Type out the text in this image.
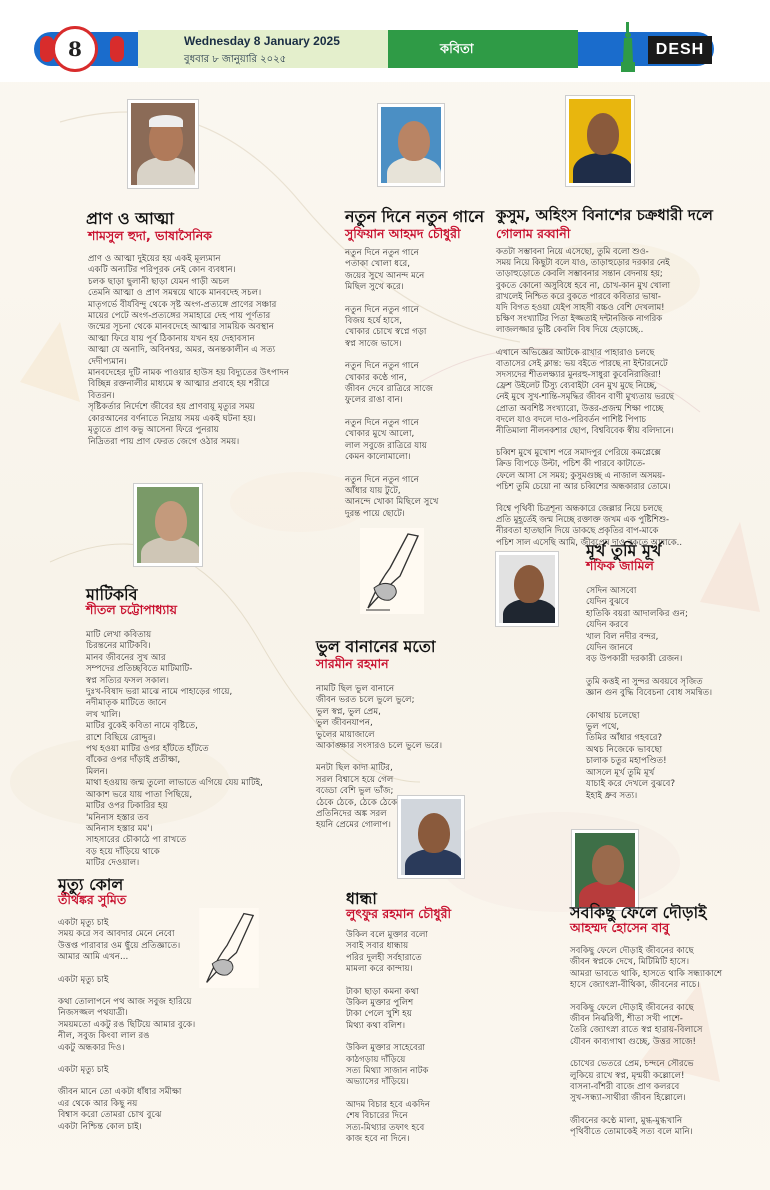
8	Wednesday 8 January 2025
বুধবার ৮ জানুয়ারি ২০২৫
কবিতা	DESH
প্রাণ ও আত্মা
শামসুল হুদা, ভাষাসৈনিক

প্রাণ ও আত্মা দুইয়ের হয় একই মূল্যমান

একটি অন্যটির পরিপূরক নেই কোন ব্যবধান।

চলক ছাড়া ছুলানী ছাড়া যেমন গাড়ী অচল

তেমনি আত্মা ও প্রাণ সমন্বয়ে থাকে মানবদেহ সচল।

মাতৃগর্ভে বীর্যবিন্দু থেকে সৃষ্ট অংগ-প্রত্যঙ্গে প্রাণের সঞ্চার

মায়ের পেটে অংগ-প্রত্যঙ্গের সমাহারে দেহ পায় পূর্ণতার

জন্মের সূচনা থেকে মানবদেহে আত্মার সাময়িক অবস্থান

আত্মা ফিরে যায় পূর্ব ঠিকানায় যখন হয় দেহাবসান

আত্মা যে অনাদি, অবিনশ্বর, অমর, অনন্তকালীন এ সত্য

দেদীপ্যমান।

মানবদেহের দুটি নামক পাওয়ার হাউস হয় বিদ্যুতের উৎপাদন

বিচ্ছিন্ন রক্তনালীর মাধ্যমে স্ব আত্মার প্রবাহে হয় শরীরে

বিতরন।

সৃষ্টিকর্তার নির্দেশে জীবের হয় প্রাণবায়ূ মৃত্যুর সময়

কোরআনের বর্ণনাতে নিদ্রায় সময় একই ঘটনা হয়।

মৃত্যুতে প্রাণ কভু আসেনা ফিরে পুনরায়

নিদ্রিতরা পায় প্রাণ ফেরত জেগে ওঠার সময়।

নতুন দিনে নতুন গানে
সুফিয়ান আহমদ চৌধুরী

নতুন দিনে নতুন গানে

পতাকা খোলা ধরে,

জয়ের সুখে আনন্দ মনে

মিছিল সুখে করে।

নতুন দিনে নতুন গানে

বিজয় হর্ষে হাসে,

খোকার চোখে স্বপ্নে গড়া

স্বপ্ন সাজে ভাসে।

নতুন দিনে নতুন গানে

খোকার কণ্ঠে গান,

জীবন দেবে রাত্রিরে সাজে

ফুলের রাঙা বান।

নতুন দিনে নতুন গানে

খোকার মুখে আলো,

লাল সবুজে রাত্রিরে যায়

কেমন কালোমালো।

নতুন দিনে নতুন গানে

আঁধার যায় টুটে,

আনন্দে খোকা মিছিলে সুখে

দুরন্ত পায়ে ছোটে।

কুসুম, অহিংস বিনাশের চক্রধারী দলে
গোলাম রব্বানী

কতটা সম্ভাবনা নিয়ে এসেছো, তুমি বলো শুও-

সময় নিয়ে কিছুটা বলে যাও, তাড়াহুড়োর দরকার নেই

তাড়াহুড়োতে কেবলি সম্ভাবনার সন্তান বেদনায় হয়;

বুকতে কোনো অসুবিধে হবে না, চোখ-কান মুখ খোলা

রাখলেই নিশ্চিত করে বুকতে পারবে কবিতার ভাষা-

যদি বিগত হওয়া যেইপ সাহসী বচ্চও বেশি দেখলাম!

চক্ষিণ সংখ্যাটির পিতা ইজ্জতাই দন্টানজিক নাগরিক

লাজলজ্জার ভুষ্টি কেবলি বিষ দিয়ে হেড়াচ্ছে..

এখানে অভিজ্ঞের আটকে রাখার পাহারাও চলছে

বাতাসের সেই ক্লান্ত: ভয় বইতে পারছে না ইন্টারনেটে

সদস্যদের শীতলক্ষ্যার মুনরহু-সাধুরা কুবেনিরাজিরা!

ফ্রেশ উইলেট টিস্যু ব্যেবাইটা বেন মুখ মুছে নিচ্ছে,

নেই মুখে সুখ-শান্তি-সমৃদ্ধির জীবন বাণী মুখ্যতায় ভরছে

প্রোতা অবশিষ্ট সংখ্যারো, উত্তর-প্রজন্ম শিক্ষা পাচ্ছে

বদলে যাও বদলে দাও-পরিবর্তন পাশিষ্ট পিপাচ

নীতিমালা নীলনকশার ছোপ, বিশ্ববিবেক স্বীয় বলিদানে।

চব্বিশ মুখে মুখোশ পরে সমাদপুর পেরিয়ে কমপ্লেক্সে

ক্রিড ব্যিপড়ে উল্টা, পচিশ কী পারবে কাটাতে-

ফেলে আসা সে সময়; কুসুমগুচ্ছ এ নাজাল অসময়-

পচিশ তুমি চেয়ো না আর চব্বিশের অন্ধকারার তোমে।

বিশ্বে পৃথিবী চিত্রশূন্য অন্ধকারে জেল্লার নিয়ে চলছে

প্রতি মুহূর্তেই জন্ম নিচ্ছে রক্তাক্ত জখম এক পুষ্টিশিশু-

নীরবতা হাতছানি দিয়ে ডাকছে প্রকৃতির বাপ-মাকে

পচিশ সাল এসেছি আমি, জীবপ্রেম দাও বুকতে আমাকে..

মাটিকবি
শীতল চট্টোপাধ্যায়

মাটি লেখা কবিতায়

চিরন্তনের মাটিকবি।

মানব জীবনের সুখ আর

সম্পদের প্রতিচ্ছবিতে মাটিমাটি-

স্বপ্ন সত্যির ফসল সকাল।

দুঃখ-বিষাদ ভরা মাঝে নামে পাহাড়ের গায়ে,

নদীমাতৃক মাটিতে জানে

লখ খালি।

মাটির বুকেই কবিতা নামে বৃষ্টিতে,

রাশে বিছিয়ে রোদ্দুর।

পথ হওয়া মাটির ওপর হাঁটতে হাঁটতে

বাঁকের ওপর দাঁড়াই প্রতীক্ষা,

মিলন।

মাথা হওয়ায় জন্ম তুলো লাভাতে এগিয়ে যেয় মাটিই,

আকাশ ভরে যায় পাতা পিছিয়ে,

মাটির ওপর ঢিকারির হয়

'মনিনাস হস্তার তব

অনিনাস হস্তার মম'।

সাহসারের চৌকাঠে পা রাখতে

বড় হয়ে দাঁড়িয়ে থাকে

মাটির দেওয়াল।

ভুল বানানের মতো
সারমীন রহমান

নামটি ছিল ভুল বানানে

জীবন ভরত চলে ভুলে ভুলে;

ভুল স্বপ্ন, ভুল প্রেম,

ভুল জীবনযাপন,

ভুলের মায়াজালে

আকাঙ্ক্ষার সংসারও চলে ভুলে ভরে।

মনটা ছিল কাদা মাটির,

সরল বিশ্বাসে হয়ে গেল

বড্ডো বেশি ভুল ভাঁজ;

ঠেকে ঠেকে, ঠেকে ঠেকে,

প্রতিনিদের অঙ্ক সরল

হয়নি প্রেমের গোলাপ।

মূর্খ তুমি মূর্খ
শফিক জামিল

সেদিন আসবো

যেদিন বুঝবে

হাতিকি বয়রা আদালকির গুন;

যেদিন করবে

খাল বিল নদীর বন্দর,

যেদিন জানবে

বড় উপকারী দরকারী রেজন।

তুমি কত্তই না সুন্দর অবয়বে সৃজিত

জ্ঞান গুন বুদ্ধি বিবেচনা বোধ সমন্বিত।

কোথায় চলেছো

ভুল পথে,

তিমির আঁধার গহবরে?

অথচ নিজেকে ভাবছো

চালাক চতুর মহাপণ্ডিত!

আসলে মূর্খ তুমি মূর্খ

যাচাই করে দেখলে বুঝবে?

ইহাই ধ্রুব সত্য।

মৃত্যু কোল
তীর্থঙ্কর সুমিত

একটা মৃত্যু চাই

সময় করে সব আবদার মেনে নেবো

উত্তপ্ত পারাবার ওম ছুঁয়ে প্রতিজ্ঞাতে।

আমার আমি এখন...

একটা মৃত্যু চাই

কথা তোলাপনে পথ আজ সবুজ হারিয়ে

নিজসজ্জল পথযাত্রী।

সময়মতো একটু রঙ ছিটিয়ে আমার বুকে।

নীল, সবুজ কিংবা লাল রঙ

একটু অন্ধকার দিও।

একটা মৃত্যু চাই

জীবন মানে তো একটা ধাঁধার সমীক্ষা

এর থেকে আর কিছু নয়

বিশ্বাস করো তোমরা চোখ বুঝে

একটা নিশ্চিন্ত কোল চাই।

ধান্ধা
লুৎফুর রহমান চৌধুরী

উকিল বলে মুক্তার বলো

সবাই সবার ধান্ধায়

পরির দুলহী সর্বহারাতে

মামলা করে কান্দায়।

টাকা ছাড়া কমনা কথা

উকিল মুক্তার পুলিশ

টাকা পেলে খুশি হয়

মিথ্যা কথা বলিশ।

উকিল মুক্তার সাহেবেরা

কাঠগড়ায় দাঁড়িয়ে

সত্য মিথ্যা সাজান নাটক

অভ্যাসের দাঁড়িয়ে।

আদম বিচার হবে একদিন

শেষ বিচারের দিনে

সত্য-মিথ্যার তফাৎ হবে

কাজ হবে না দিনে।

সবকিছু ফেলে দৌড়াই
আহম্মদ হোসেন বাবু

সবকিছু ফেলে দৌড়াই জীবনের কাছে

জীবন স্বপ্নকে দেখে, মিটিমিটি হাসে।

আমরা ভাবতে থাকি, হাসতে থাকি সন্ধ্যাকাশে

হাসে জ্যোৎস্না-বীথিকা, জীবনের নাচে।

সবকিছু ফেলে দৌড়াই জীবনের কাছে

জীবন নির্ঝরিণী, শীতা সখী পাশে-

তৈরি জ্যোৎস্না রাতে স্বপ্ন হারায়-বিলাসে

যৌবন কাব্যগাথা গুচ্ছে, উত্তর সাজে!

চোখের ভেতরে প্রেম, চন্দনে সৌরভে

লুকিয়ে রাখে স্বপ্ন, মৃন্ময়ী কল্লোলে!

বাসনা-বাঁশরী বাজে প্রাণ কলরবে

সুখ-সন্ধ্যা-সাথীরা জীবন হিল্লোলে।

জীবনের কণ্ঠে মালা, মুগ্ধ-মুগ্ধখানি

পৃথিবীতে তোমাকেই সত্য বলে মানি।
